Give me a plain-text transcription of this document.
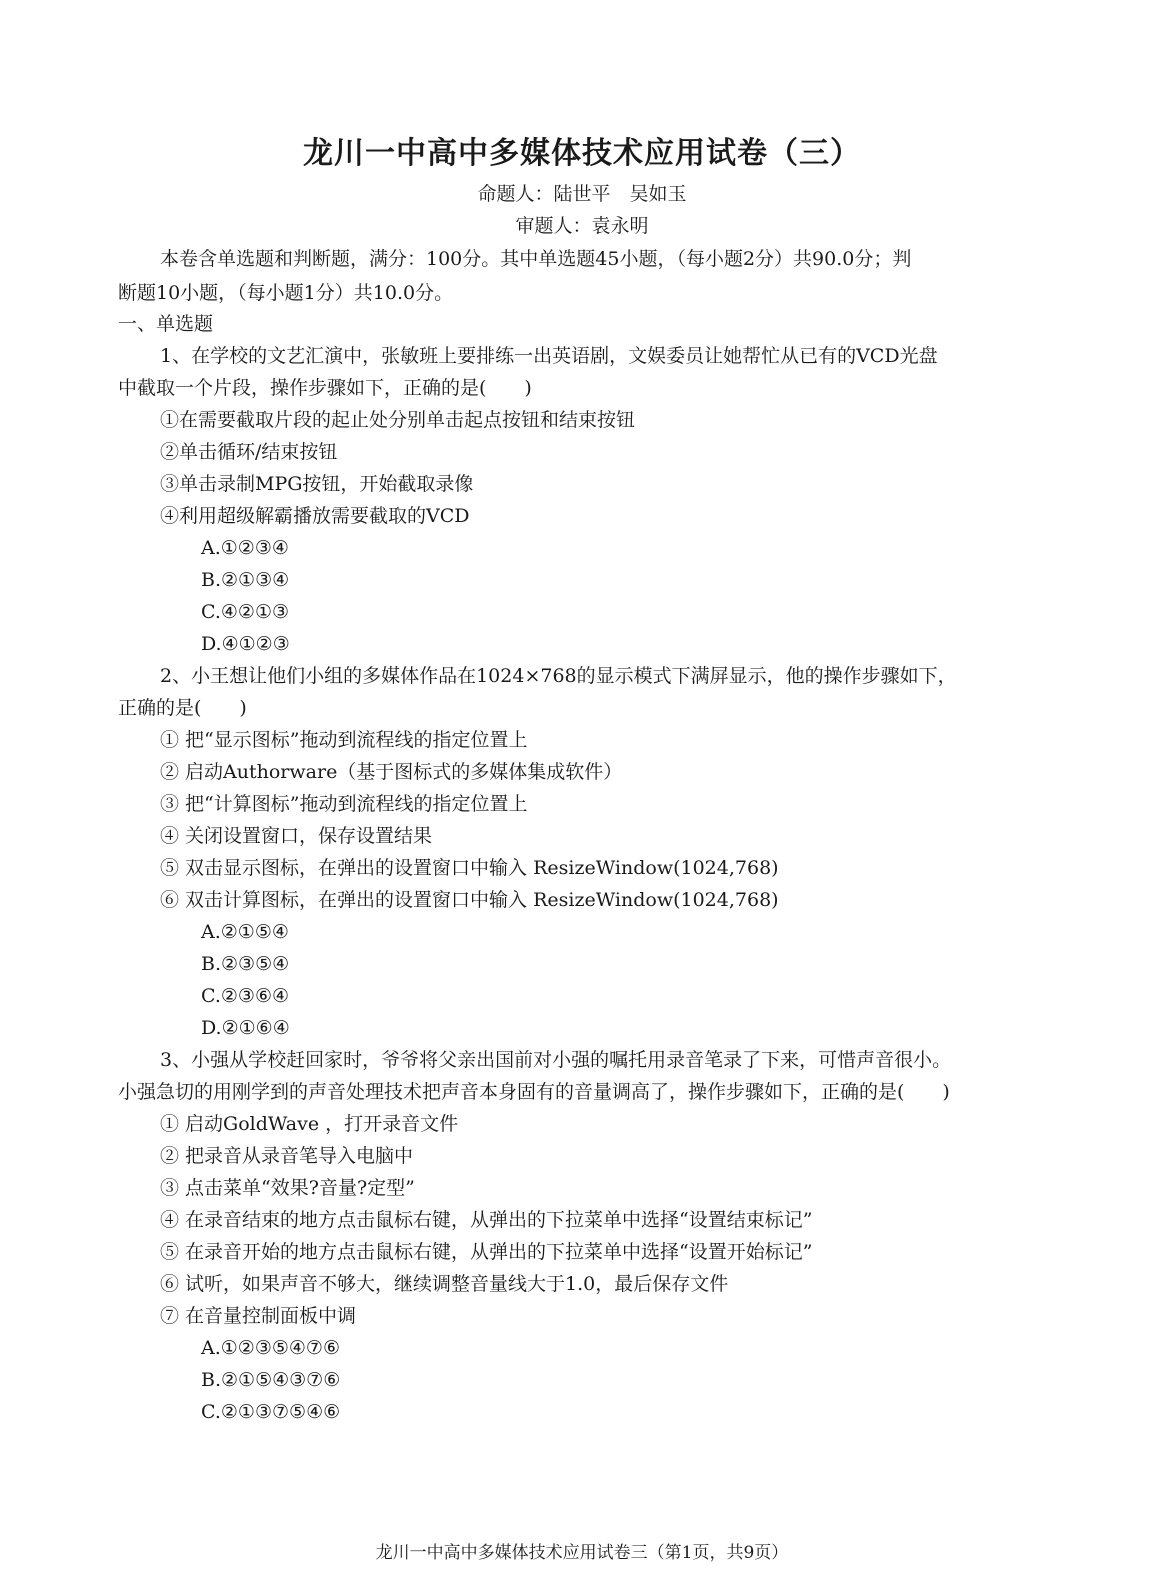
龙川一中高中多媒体技术应用试卷（三）
命题人：陆世平　吴如玉
审题人：袁永明
本卷含单选题和判断题，满分：100分。其中单选题45小题，（每小题2分）共90.0分；判
断题10小题，（每小题1分）共10.0分。
一、单选题
1、在学校的文艺汇演中，张敏班上要排练一出英语剧，文娱委员让她帮忙从已有的VCD光盘
中截取一个片段，操作步骤如下，正确的是(　　)
①在需要截取片段的起止处分别单击起点按钮和结束按钮
②单击循环/结束按钮
③单击录制MPG按钮，开始截取录像
④利用超级解霸播放需要截取的VCD
A.①②③④
B.②①③④
C.④②①③
D.④①②③
2、小王想让他们小组的多媒体作品在1024×768的显示模式下满屏显示，他的操作步骤如下，
正确的是(　　)
① 把“显示图标”拖动到流程线的指定位置上
② 启动Authorware（基于图标式的多媒体集成软件）
③ 把“计算图标”拖动到流程线的指定位置上
④ 关闭设置窗口，保存设置结果
⑤ 双击显示图标，在弹出的设置窗口中输入 ResizeWindow(1024,768)
⑥ 双击计算图标，在弹出的设置窗口中输入 ResizeWindow(1024,768)
A.②①⑤④
B.②③⑤④
C.②③⑥④
D.②①⑥④
3、小强从学校赶回家时，爷爷将父亲出国前对小强的嘱托用录音笔录了下来，可惜声音很小。
小强急切的用刚学到的声音处理技术把声音本身固有的音量调高了，操作步骤如下，正确的是(　　)
① 启动GoldWave ，打开录音文件
② 把录音从录音笔导入电脑中
③ 点击菜单“效果?音量?定型”
④ 在录音结束的地方点击鼠标右键，从弹出的下拉菜单中选择“设置结束标记”
⑤ 在录音开始的地方点击鼠标右键，从弹出的下拉菜单中选择“设置开始标记”
⑥ 试听，如果声音不够大，继续调整音量线大于1.0，最后保存文件
⑦ 在音量控制面板中调
A.①②③⑤④⑦⑥
B.②①⑤④③⑦⑥
C.②①③⑦⑤④⑥
龙川一中高中多媒体技术应用试卷三（第1页，共9页）
